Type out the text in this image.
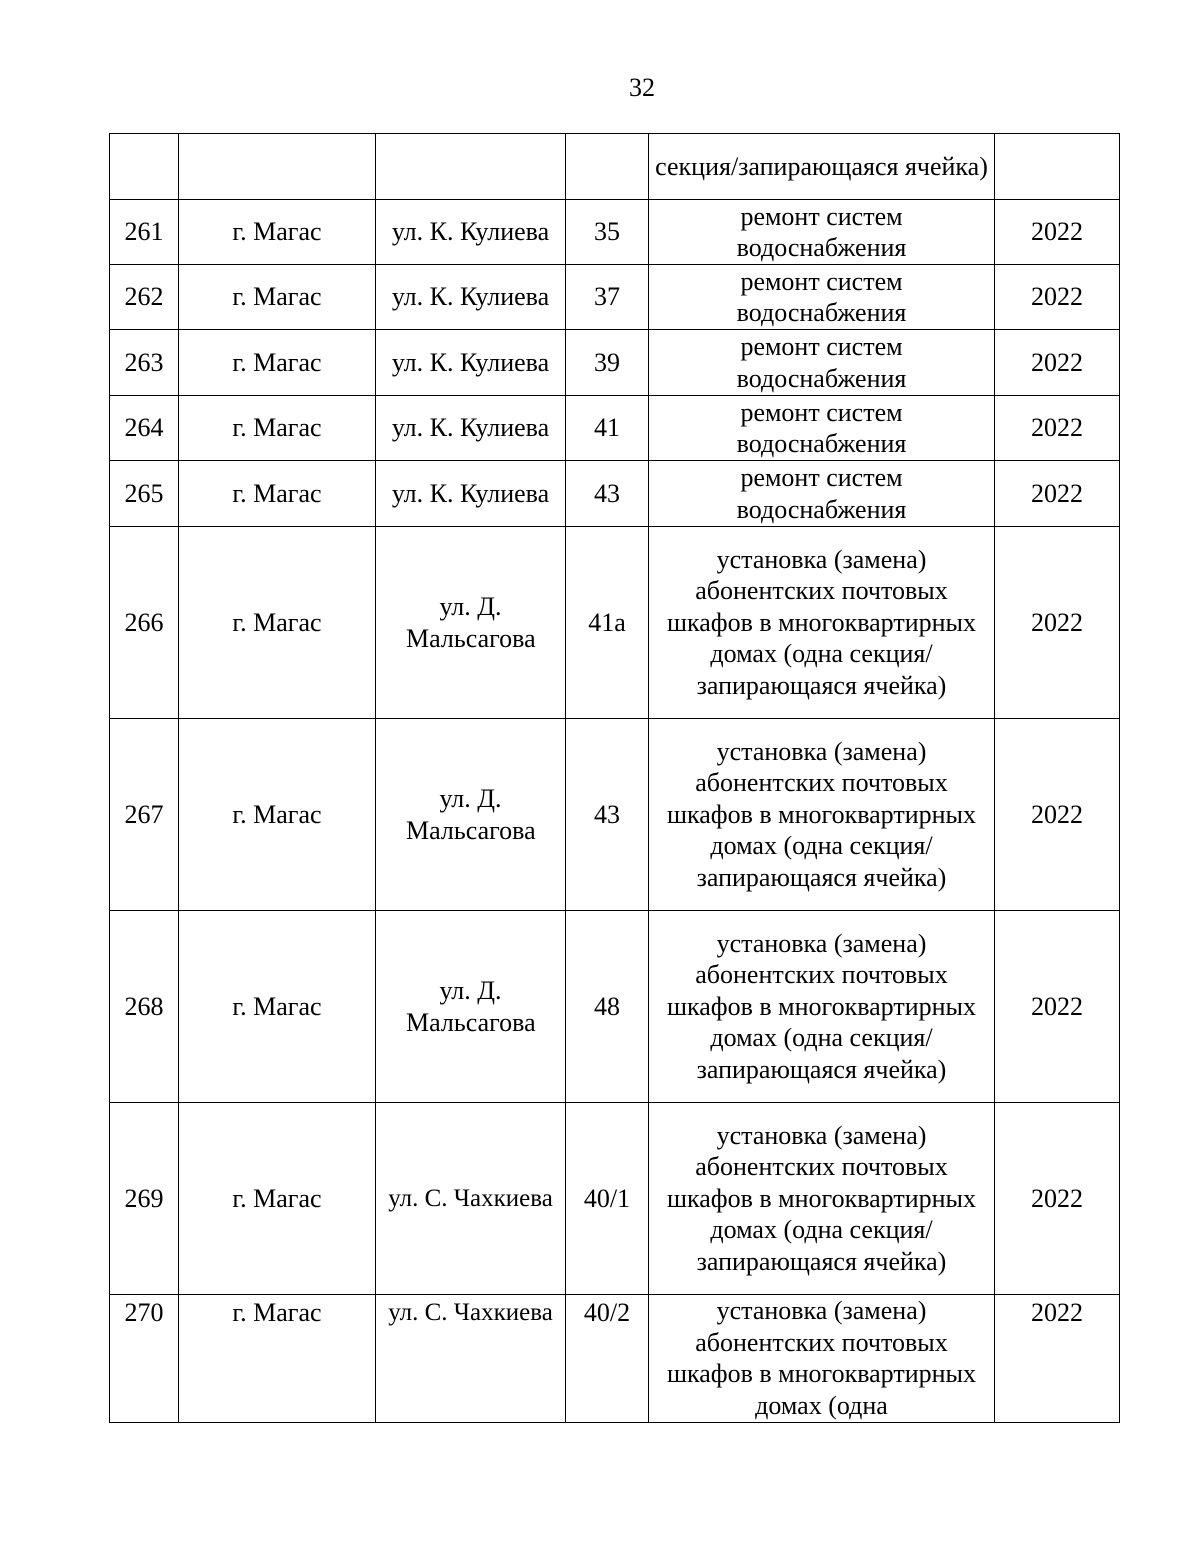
32

				секция/запирающаяся ячейка)	

261	г. Магас	ул. К. Кулиева	35	ремонт систем водоснабжения	2022

262	г. Магас	ул. К. Кулиева	37	ремонт систем водоснабжения	2022

263	г. Магас	ул. К. Кулиева	39	ремонт систем водоснабжения	2022

264	г. Магас	ул. К. Кулиева	41	ремонт систем водоснабжения	2022

265	г. Магас	ул. К. Кулиева	43	ремонт систем водоснабжения	2022

266	г. Магас	ул. Д. Мальсагова	41а	установка (замена) абонентских почтовых шкафов в многоквартирных домах (одна секция/запирающаяся ячейка)	2022

267	г. Магас	ул. Д. Мальсагова	43	установка (замена) абонентских почтовых шкафов в многоквартирных домах (одна секция/запирающаяся ячейка)	2022

268	г. Магас	ул. Д. Мальсагова	48	установка (замена) абонентских почтовых шкафов в многоквартирных домах (одна секция/запирающаяся ячейка)	2022

269	г. Магас	ул. С. Чахкиева	40/1	установка (замена) абонентских почтовых шкафов в многоквартирных домах (одна секция/запирающаяся ячейка)	2022

270	г. Магас	ул. С. Чахкиева	40/2	установка (замена) абонентских почтовых шкафов в многоквартирных домах (одна	2022
